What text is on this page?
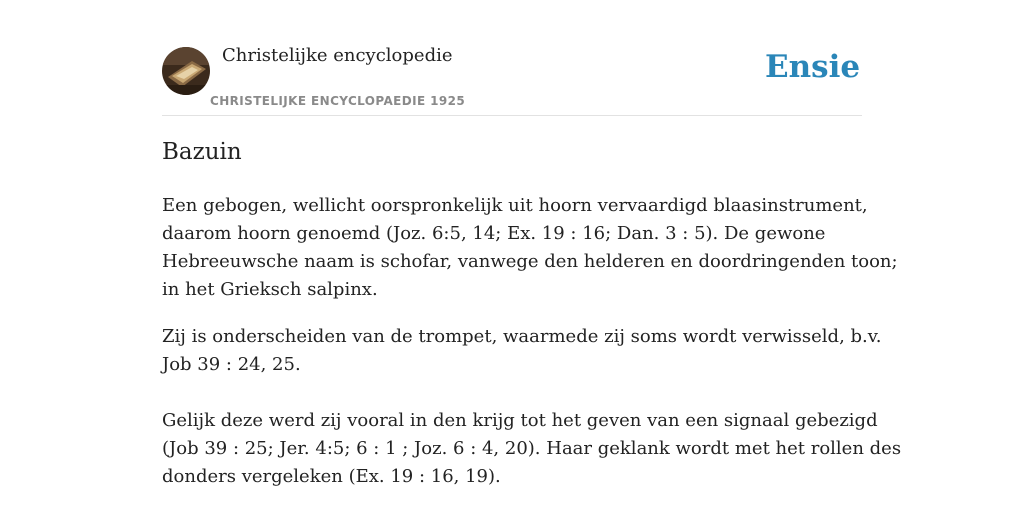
Christelijke encyclopedie
CHRISTELIJKE ENCYCLOPAEDIE 1925
Ensie
Bazuin

Een gebogen, wellicht oorspronkelijk uit hoorn vervaardigd blaasinstrument,
daarom hoorn genoemd (Joz. 6:5, 14; Ex. 19 : 16; Dan. 3 : 5). De gewone
Hebreeuwsche naam is schofar, vanwege den helderen en doordringenden toon;
in het Grieksch salpinx.

Zij is onderscheiden van de trompet, waarmede zij soms wordt verwisseld, b.v.
Job 39 : 24, 25.

Gelijk deze werd zij vooral in den krijg tot het geven van een signaal gebezigd
(Job 39 : 25; Jer. 4:5; 6 : 1 ; Joz. 6 : 4, 20). Haar geklank wordt met het rollen des
donders vergeleken (Ex. 19 : 16, 19).
